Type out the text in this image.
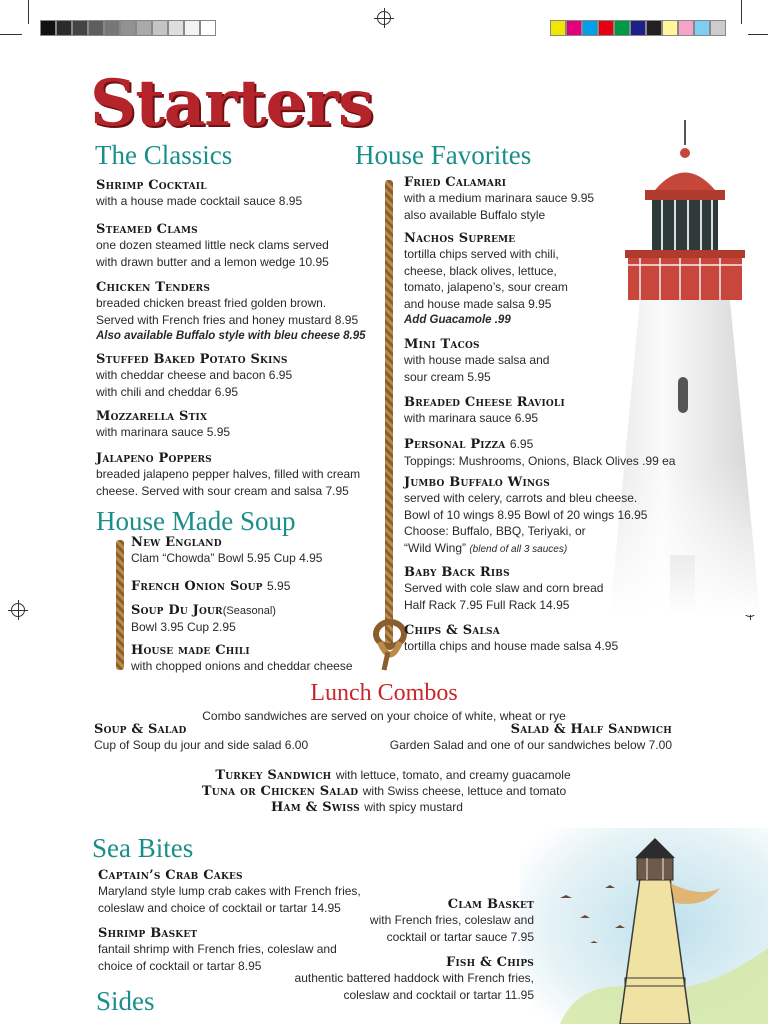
Starters
The Classics
Shrimp Cocktail
with a house made cocktail sauce 8.95
Steamed Clams
one dozen steamed little neck clams served
with drawn butter and a lemon wedge 10.95
Chicken Tenders
breaded chicken breast fried golden brown.
Served with French fries and honey mustard 8.95
Also available Buffalo style with bleu cheese 8.95
Stuffed Baked Potato Skins
with cheddar cheese and bacon 6.95
with chili and cheddar 6.95
Mozzarella Stix
with marinara sauce 5.95
Jalapeno Poppers
breaded jalapeno pepper halves, filled with cream
cheese. Served with sour cream and salsa 7.95
House Made Soup
New England
Clam “Chowda” Bowl 5.95 Cup 4.95
French Onion Soup 5.95
Soup Du Jour(Seasonal)
Bowl 3.95 Cup 2.95
House made Chili
with chopped onions and cheddar cheese
House Favorites
Fried Calamari
with a medium marinara sauce 9.95
also available Buffalo style
Nachos Supreme
tortilla chips served with chili,
cheese, black olives, lettuce,
tomato, jalapeno’s, sour cream
and house made salsa 9.95
Add Guacamole .99
Mini Tacos
with house made salsa and
sour cream 5.95
Breaded Cheese Ravioli
with marinara sauce 6.95
Personal Pizza 6.95
Toppings: Mushrooms, Onions, Black Olives .99 ea
Jumbo Buffalo Wings
served with celery, carrots and bleu cheese.
Bowl of 10 wings 8.95 Bowl of 20 wings 16.95
Choose: Buffalo, BBQ, Teriyaki, or
“Wild Wing” (blend of all 3 sauces)
Baby Back Ribs
Served with cole slaw and corn bread
Half Rack 7.95 Full Rack 14.95
Chips & Salsa
tortilla chips and house made salsa 4.95
Lunch Combos
Combo sandwiches are served on your choice of white, wheat or rye
Soup & Salad
Cup of Soup du jour and side salad 6.00
Salad & Half Sandwich
Garden Salad and one of our sandwiches below 7.00
Turkey Sandwich with lettuce, tomato, and creamy guacamole
Tuna or Chicken Salad with Swiss cheese, lettuce and tomato
Ham & Swiss with spicy mustard
Sea Bites
Captain’s Crab Cakes
Maryland style lump crab cakes with French fries,
coleslaw and choice of cocktail or tartar 14.95
Shrimp Basket
fantail shrimp with French fries, coleslaw and
choice of cocktail or tartar 8.95
Clam Basket
with French fries, coleslaw and
cocktail or tartar sauce 7.95
Fish & Chips
authentic battered haddock with French fries,
coleslaw and cocktail or tartar 11.95
Sides
